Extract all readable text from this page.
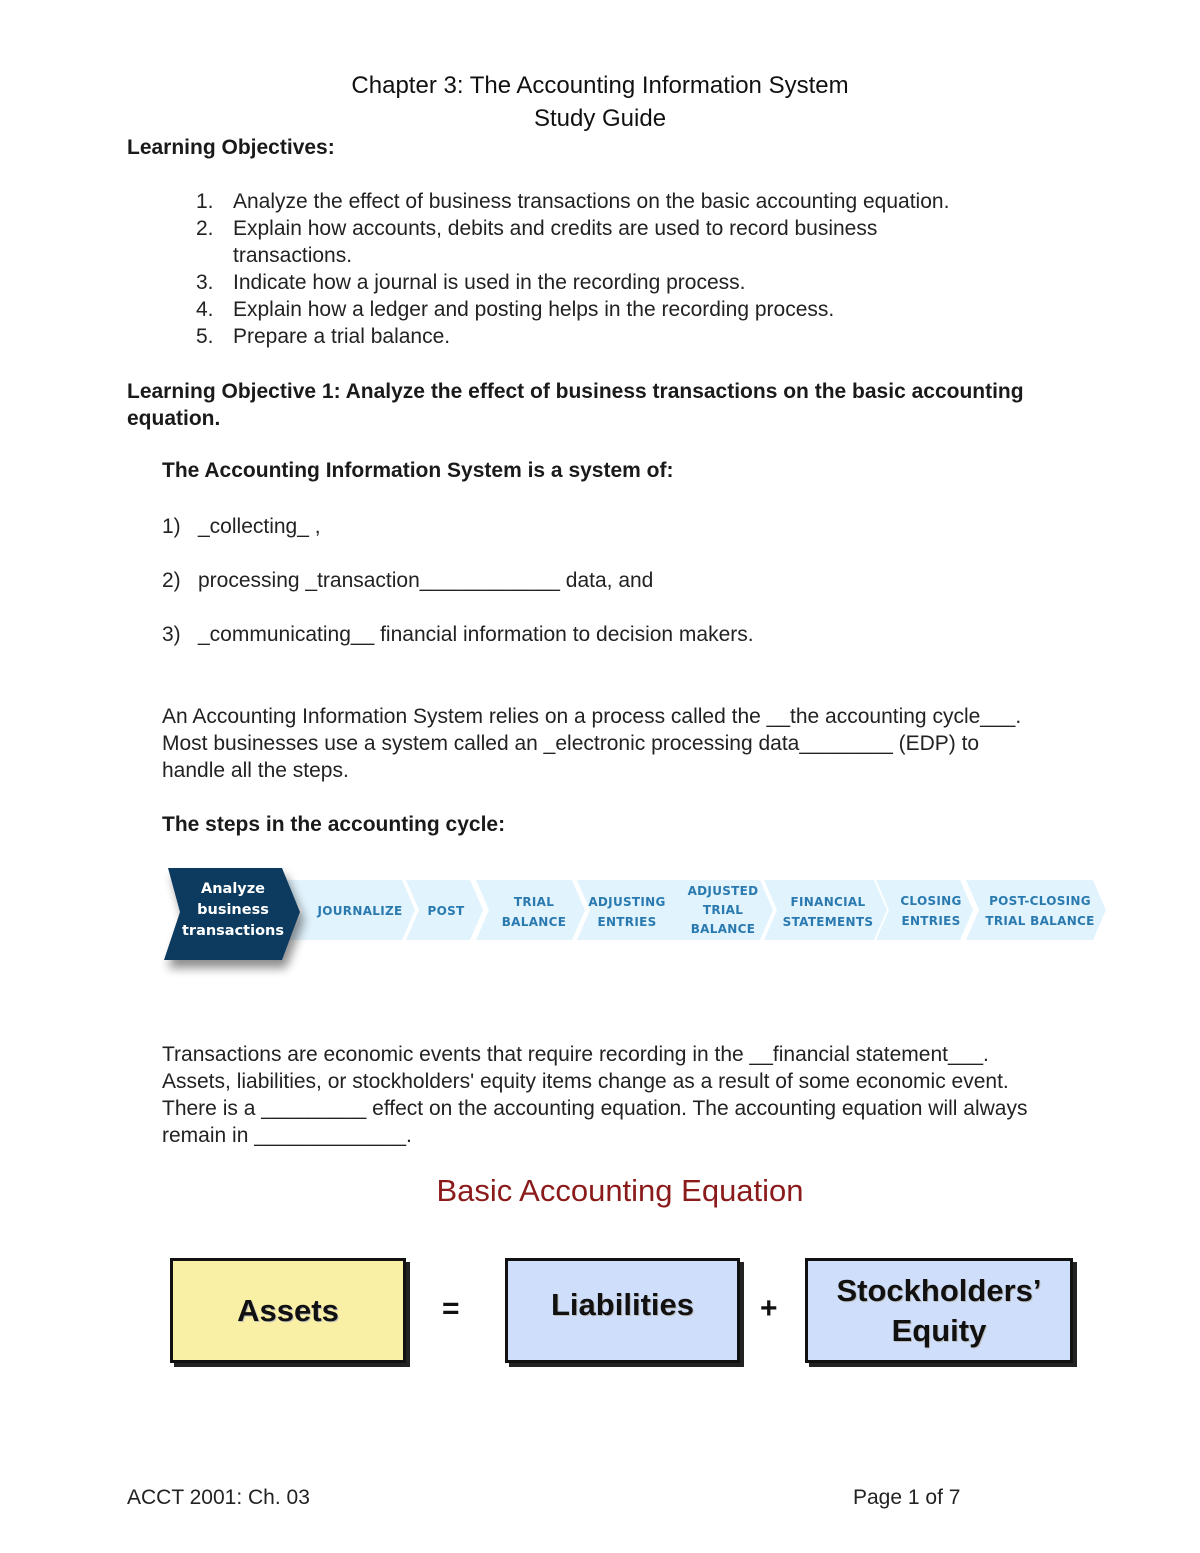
Chapter 3: The Accounting Information System
Study Guide
Learning Objectives:
1. Analyze the effect of business transactions on the basic accounting equation.
2. Explain how accounts, debits and credits are used to record business transactions.
3. Indicate how a journal is used in the recording process.
4. Explain how a ledger and posting helps in the recording process.
5. Prepare a trial balance.
Learning Objective 1: Analyze the effect of business transactions on the basic accounting equation.
The Accounting Information System is a system of:
1) _collecting_ ,
2) processing _transaction____________ data, and
3) _communicating__ financial information to decision makers.
An Accounting Information System relies on a process called the __the accounting cycle___. Most businesses use a system called an _electronic processing data________ (EDP) to handle all the steps.
The steps in the accounting cycle:
Analyze
business
transactions
JOURNALIZE	POST
TRIAL
BALANCE
ADJUSTING
ENTRIES
ADJUSTED
TRIAL
BALANCE
FINANCIAL
STATEMENTS
CLOSING
ENTRIES
POST-CLOSING
TRIAL BALANCE
Transactions are economic events that require recording in the __financial statement___. Assets, liabilities, or stockholders' equity items change as a result of some economic event. There is a _________ effect on the accounting equation. The accounting equation will always remain in _____________.
Basic Accounting Equation
Assets	=	Liabilities +
Stockholders’
Equity
ACCT 2001: Ch. 03	Page 1 of 7
